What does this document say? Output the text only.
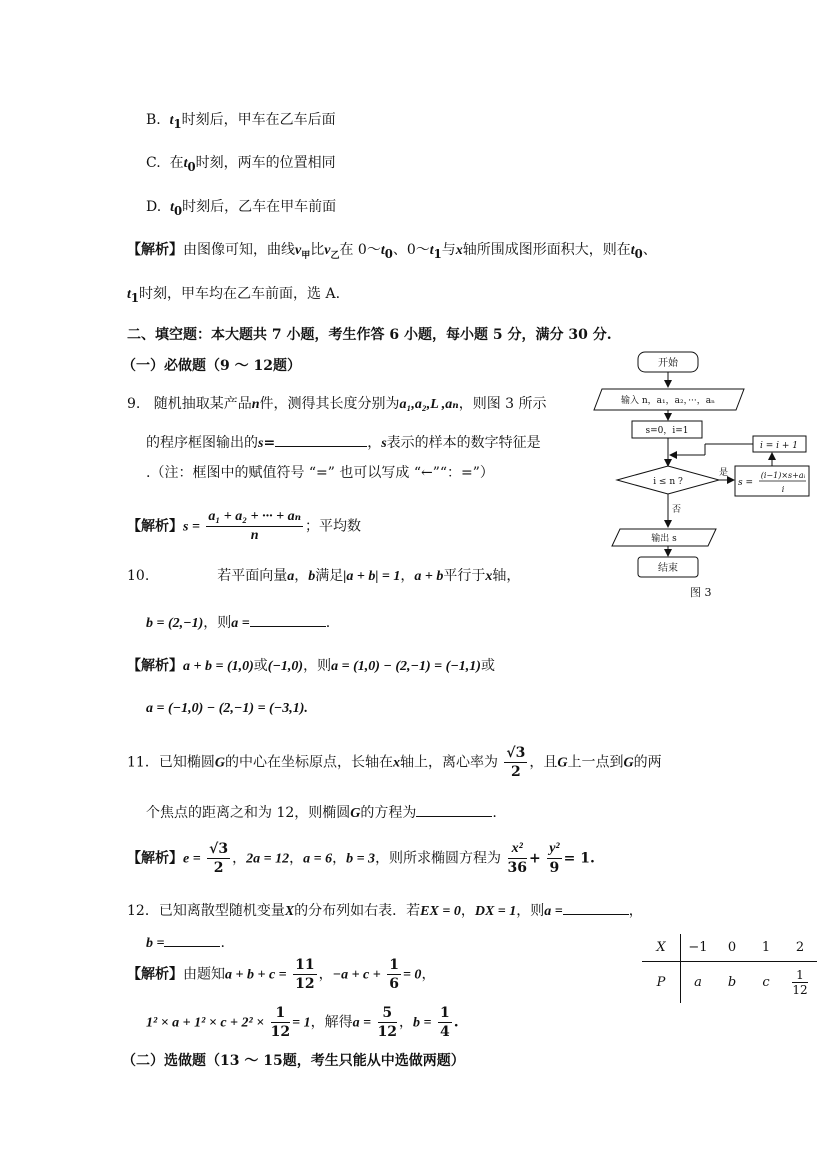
B. $t_1$时刻后，甲车在乙车后面
C. 在$t_0$时刻，两车的位置相同
D. $t_0$时刻后，乙车在甲车前面
【解析】由图像可知，曲线$v_甲$比$v_乙$在 $0\sim t_0$、$0\sim t_1$与x轴所围成图形面积大，则在$t_0$、
$t_1$时刻，甲车均在乙车前面，选 A.
二、填空题：本大题共 7 小题，考生作答 6 小题，每小题 5 分，满分 30 分.
（一）必做题（9 ～ 12题）
9. 随机抽取某产品n件，测得其长度分别为a₁,a₂,L ,aₙ，则图 3 所示
的程序框图输出的s=	，s表示的样本的数字特征是
.（注：框图中的赋值符号 “=” 也可以写成 “←”“：=”）
【解析】$s = \frac{\text{a₁ + a₂ + ··· + aₙ}}{n}$ ；平均数
开始
输入 n，a₁，a₂，···，aₙ
s=0，i=1
i ≤ n ?
是
否
s =
(i−1)×s+aᵢ
i
i = i + 1
输出 s
结束
图 3
10.	若平面向量a，b满足|a + b| = 1，a + b平行于x轴，
b = (2,−1)，则a =	.
【解析】a + b = (1,0)或(−1,0)，则a = (1,0) − (2,−1) = (−1,1)或
a = (−1,0) − (2,−1) = (−3,1).
11．已知椭圆G的中心在坐标原点，长轴在x轴上，离心率为 $\frac{√3}{2}$ ，且G上一点到G的两
个焦点的距离之和为 12，则椭圆G的方程为	.
【解析】$e = \frac{√3}{2}$ ，2a = 12，a = 6，b = 3，则所求椭圆方程为 $\frac{\text{x²}}{36} + \frac{\text{y²}}{9} = 1$.
12．已知离散型随机变量X的分布列如右表．若EX = 0，DX = 1，则a =	，
b =	.
【解析】由题知$a + b + c = \frac{11}{12}$ ，$-a + c + \frac{1}{6} = 0$，
$1^2 \times a + 1^2 \times c + 2^2 \times \frac{1}{12} = 1$，解得$a = \frac{5}{12}$ ，$b = \frac{1}{4}$ .
X	−1	0	1	2
P	a	b	c	$\frac{1}{12}$
（二）选做题（13 ～ 15题，考生只能从中选做两题）
